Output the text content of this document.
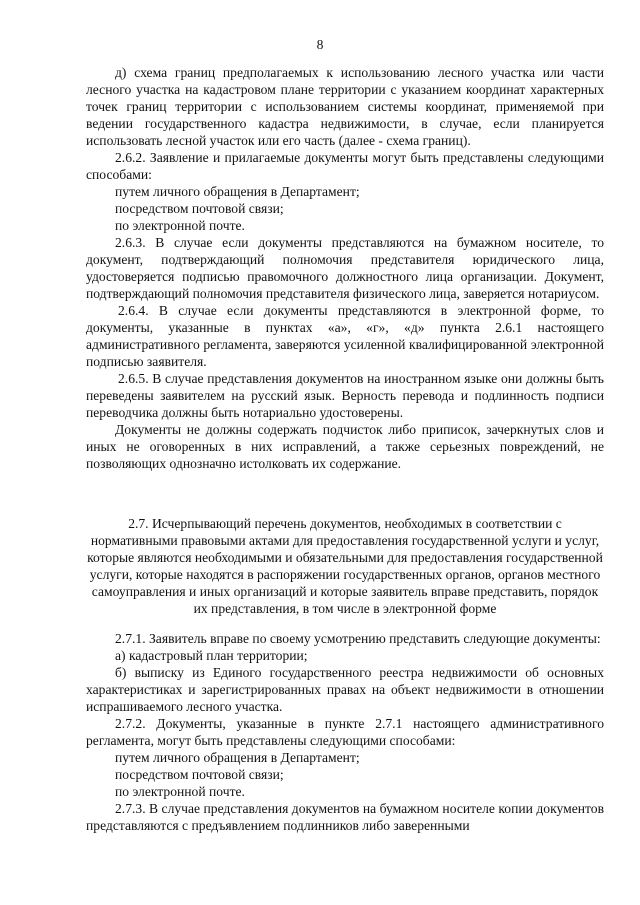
8
д) схема границ предполагаемых к использованию лесного участка или части лесного участка на кадастровом плане территории с указанием координат характерных точек границ территории с использованием системы координат, применяемой при ведении государственного кадастра недвижимости, в случае, если планируется использовать лесной участок или его часть (далее - схема границ).
2.6.2. Заявление и прилагаемые документы могут быть представлены следующими способами:
путем личного обращения в Департамент;
посредством почтовой связи;
по электронной почте.
2.6.3. В случае если документы представляются на бумажном носителе, то документ, подтверждающий полномочия представителя юридического лица, удостоверяется подписью правомочного должностного лица организации. Документ, подтверждающий полномочия представителя физического лица, заверяется нотариусом.
2.6.4. В случае если документы представляются в электронной форме, то документы, указанные в пунктах «а», «г», «д» пункта 2.6.1 настоящего административного регламента, заверяются усиленной квалифицированной электронной подписью заявителя.
2.6.5. В случае представления документов на иностранном языке они должны быть переведены заявителем на русский язык. Верность перевода и подлинность подписи переводчика должны быть нотариально удостоверены.
Документы не должны содержать подчисток либо приписок, зачеркнутых слов и иных не оговоренных в них исправлений, а также серьезных повреждений, не позволяющих однозначно истолковать их содержание.
2.7. Исчерпывающий перечень документов, необходимых в соответствии с нормативными правовыми актами для предоставления государственной услуги и услуг, которые являются необходимыми и обязательными для предоставления государственной услуги, которые находятся в распоряжении государственных органов, органов местного самоуправления и иных организаций и которые заявитель вправе представить, порядок их представления, в том числе в электронной форме
2.7.1. Заявитель вправе по своему усмотрению представить следующие документы:
а) кадастровый план территории;
б) выписку из Единого государственного реестра недвижимости об основных характеристиках и зарегистрированных правах на объект недвижимости в отношении испрашиваемого лесного участка.
2.7.2. Документы, указанные в пункте 2.7.1 настоящего административного регламента, могут быть представлены следующими способами:
путем личного обращения в Департамент;
посредством почтовой связи;
по электронной почте.
2.7.3. В случае представления документов на бумажном носителе копии документов представляются с предъявлением подлинников либо заверенными
